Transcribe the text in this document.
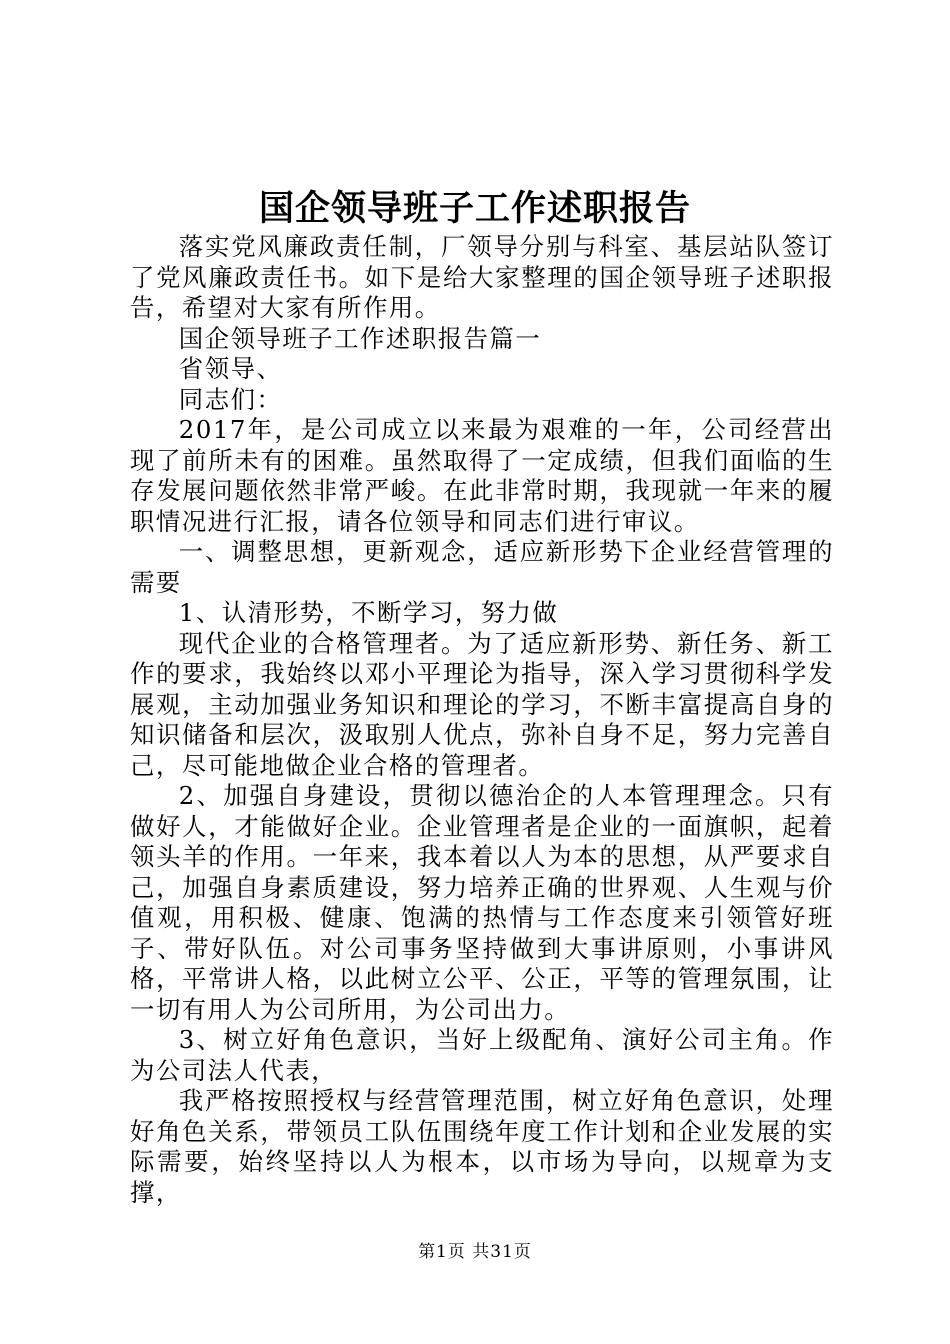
国企领导班子工作述职报告

落实党风廉政责任制，厂领导分别与科室、基层站队签订了党风廉政责任书。如下是给大家整理的国企领导班子述职报告，希望对大家有所作用。

国企领导班子工作述职报告篇一

省领导、

同志们：

2017年，是公司成立以来最为艰难的一年，公司经营出现了前所未有的困难。虽然取得了一定成绩，但我们面临的生存发展问题依然非常严峻。在此非常时期，我现就一年来的履职情况进行汇报，请各位领导和同志们进行审议。

一、调整思想，更新观念，适应新形势下企业经营管理的需要

1、认清形势，不断学习，努力做

现代企业的合格管理者。为了适应新形势、新任务、新工作的要求，我始终以邓小平理论为指导，深入学习贯彻科学发展观，主动加强业务知识和理论的学习，不断丰富提高自身的知识储备和层次，汲取别人优点，弥补自身不足，努力完善自己，尽可能地做企业合格的管理者。

2、加强自身建设，贯彻以德治企的人本管理理念。只有做好人，才能做好企业。企业管理者是企业的一面旗帜，起着领头羊的作用。一年来，我本着以人为本的思想，从严要求自己，加强自身素质建设，努力培养正确的世界观、人生观与价值观，用积极、健康、饱满的热情与工作态度来引领管好班子、带好队伍。对公司事务坚持做到大事讲原则，小事讲风格，平常讲人格，以此树立公平、公正，平等的管理氛围，让一切有用人为公司所用，为公司出力。

3、树立好角色意识，当好上级配角、演好公司主角。作为公司法人代表，

我严格按照授权与经营管理范围，树立好角色意识，处理好角色关系，带领员工队伍围绕年度工作计划和企业发展的实际需要，始终坚持以人为根本，以市场为导向，以规章为支撑，

第1页 共31页
